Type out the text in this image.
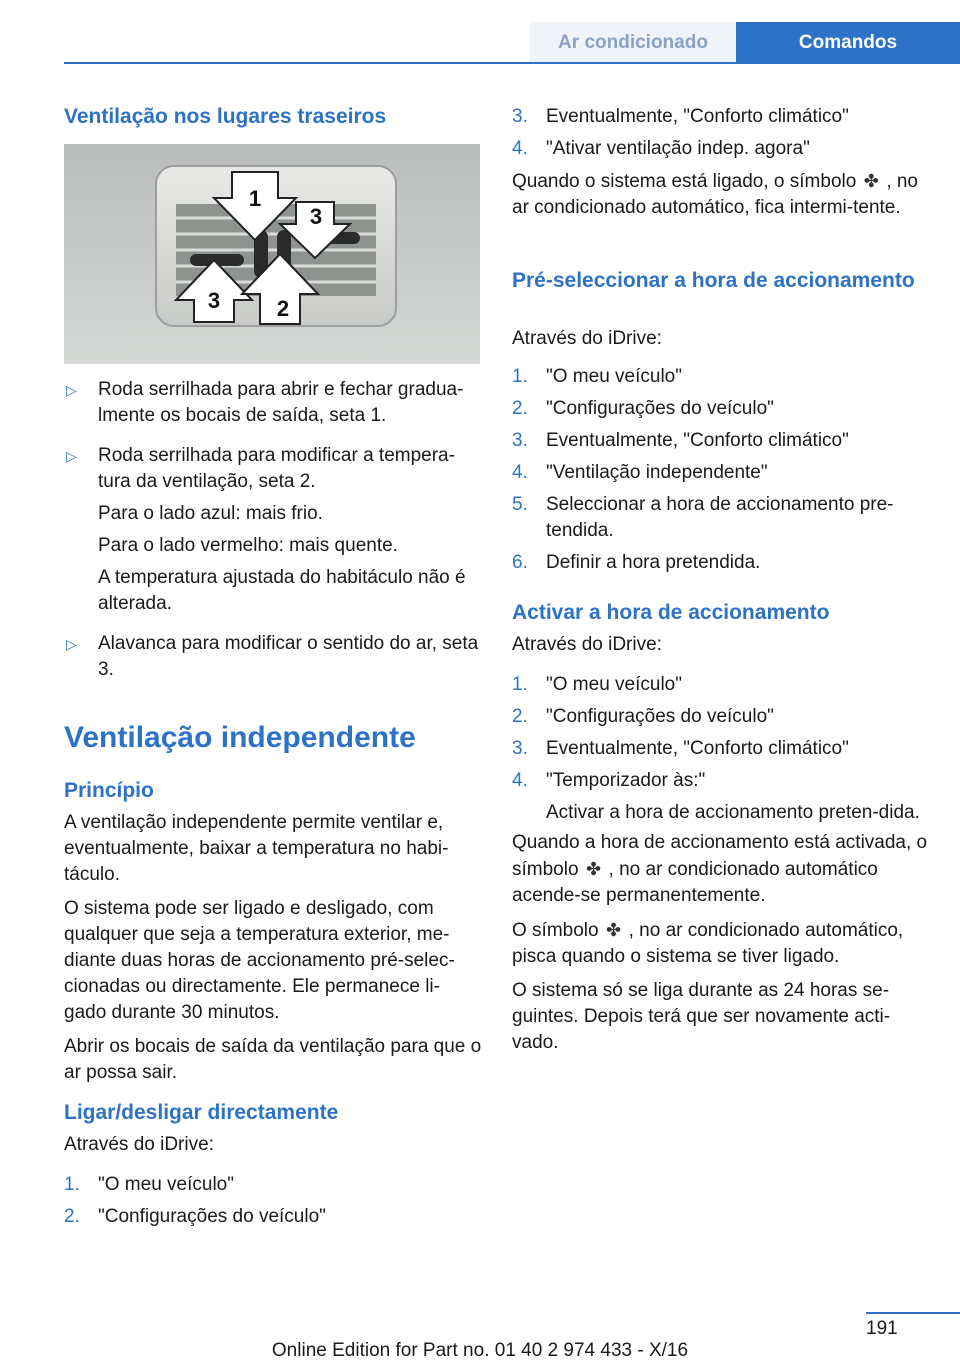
Ar condicionado	Comandos
Ventilação nos lugares traseiros
1
2
3
3
▷ Roda serrilhada para abrir e fechar gradua-lmente os bocais de saída, seta 1.
▷ Roda serrilhada para modificar a tempera-tura da ventilação, seta 2.

Para o lado azul: mais frio.

Para o lado vermelho: mais quente.

A temperatura ajustada do habitáculo não é alterada.

▷ Alavanca para modificar o sentido do ar, seta 3.
Ventilação independente
Princípio

A ventilação independente permite ventilar e, eventualmente, baixar a temperatura no habi-táculo.

O sistema pode ser ligado e desligado, com qualquer que seja a temperatura exterior, me-diante duas horas de accionamento pré-selec-cionadas ou directamente. Ele permanece li-gado durante 30 minutos.

Abrir os bocais de saída da ventilação para que o ar possa sair.

Ligar/desligar directamente

Através do iDrive:

1. "O meu veículo"
2. "Configurações do veículo"
3. Eventualmente, "Conforto climático"
4. "Ativar ventilação indep. agora"

Quando o sistema está ligado, o símbolo ✤ , no ar condicionado automático, fica intermi-tente.

Pré-seleccionar a hora de accionamento

Através do iDrive:

1. "O meu veículo"
2. "Configurações do veículo"
3. Eventualmente, "Conforto climático"
4. "Ventilação independente"
5. Seleccionar a hora de accionamento pre-tendida.
6. Definir a hora pretendida.
Activar a hora de accionamento

Através do iDrive:

1. "O meu veículo"
2. "Configurações do veículo"
3. Eventualmente, "Conforto climático"
4. "Temporizador às:"

Activar a hora de accionamento preten-dida.

Quando a hora de accionamento está activada, o símbolo ✤ , no ar condicionado automático acende-se permanentemente.

O símbolo ✤ , no ar condicionado automático, pisca quando o sistema se tiver ligado.

O sistema só se liga durante as 24 horas se-guintes. Depois terá que ser novamente acti-vado.

191
Online Edition for Part no. 01 40 2 974 433 - X/16
